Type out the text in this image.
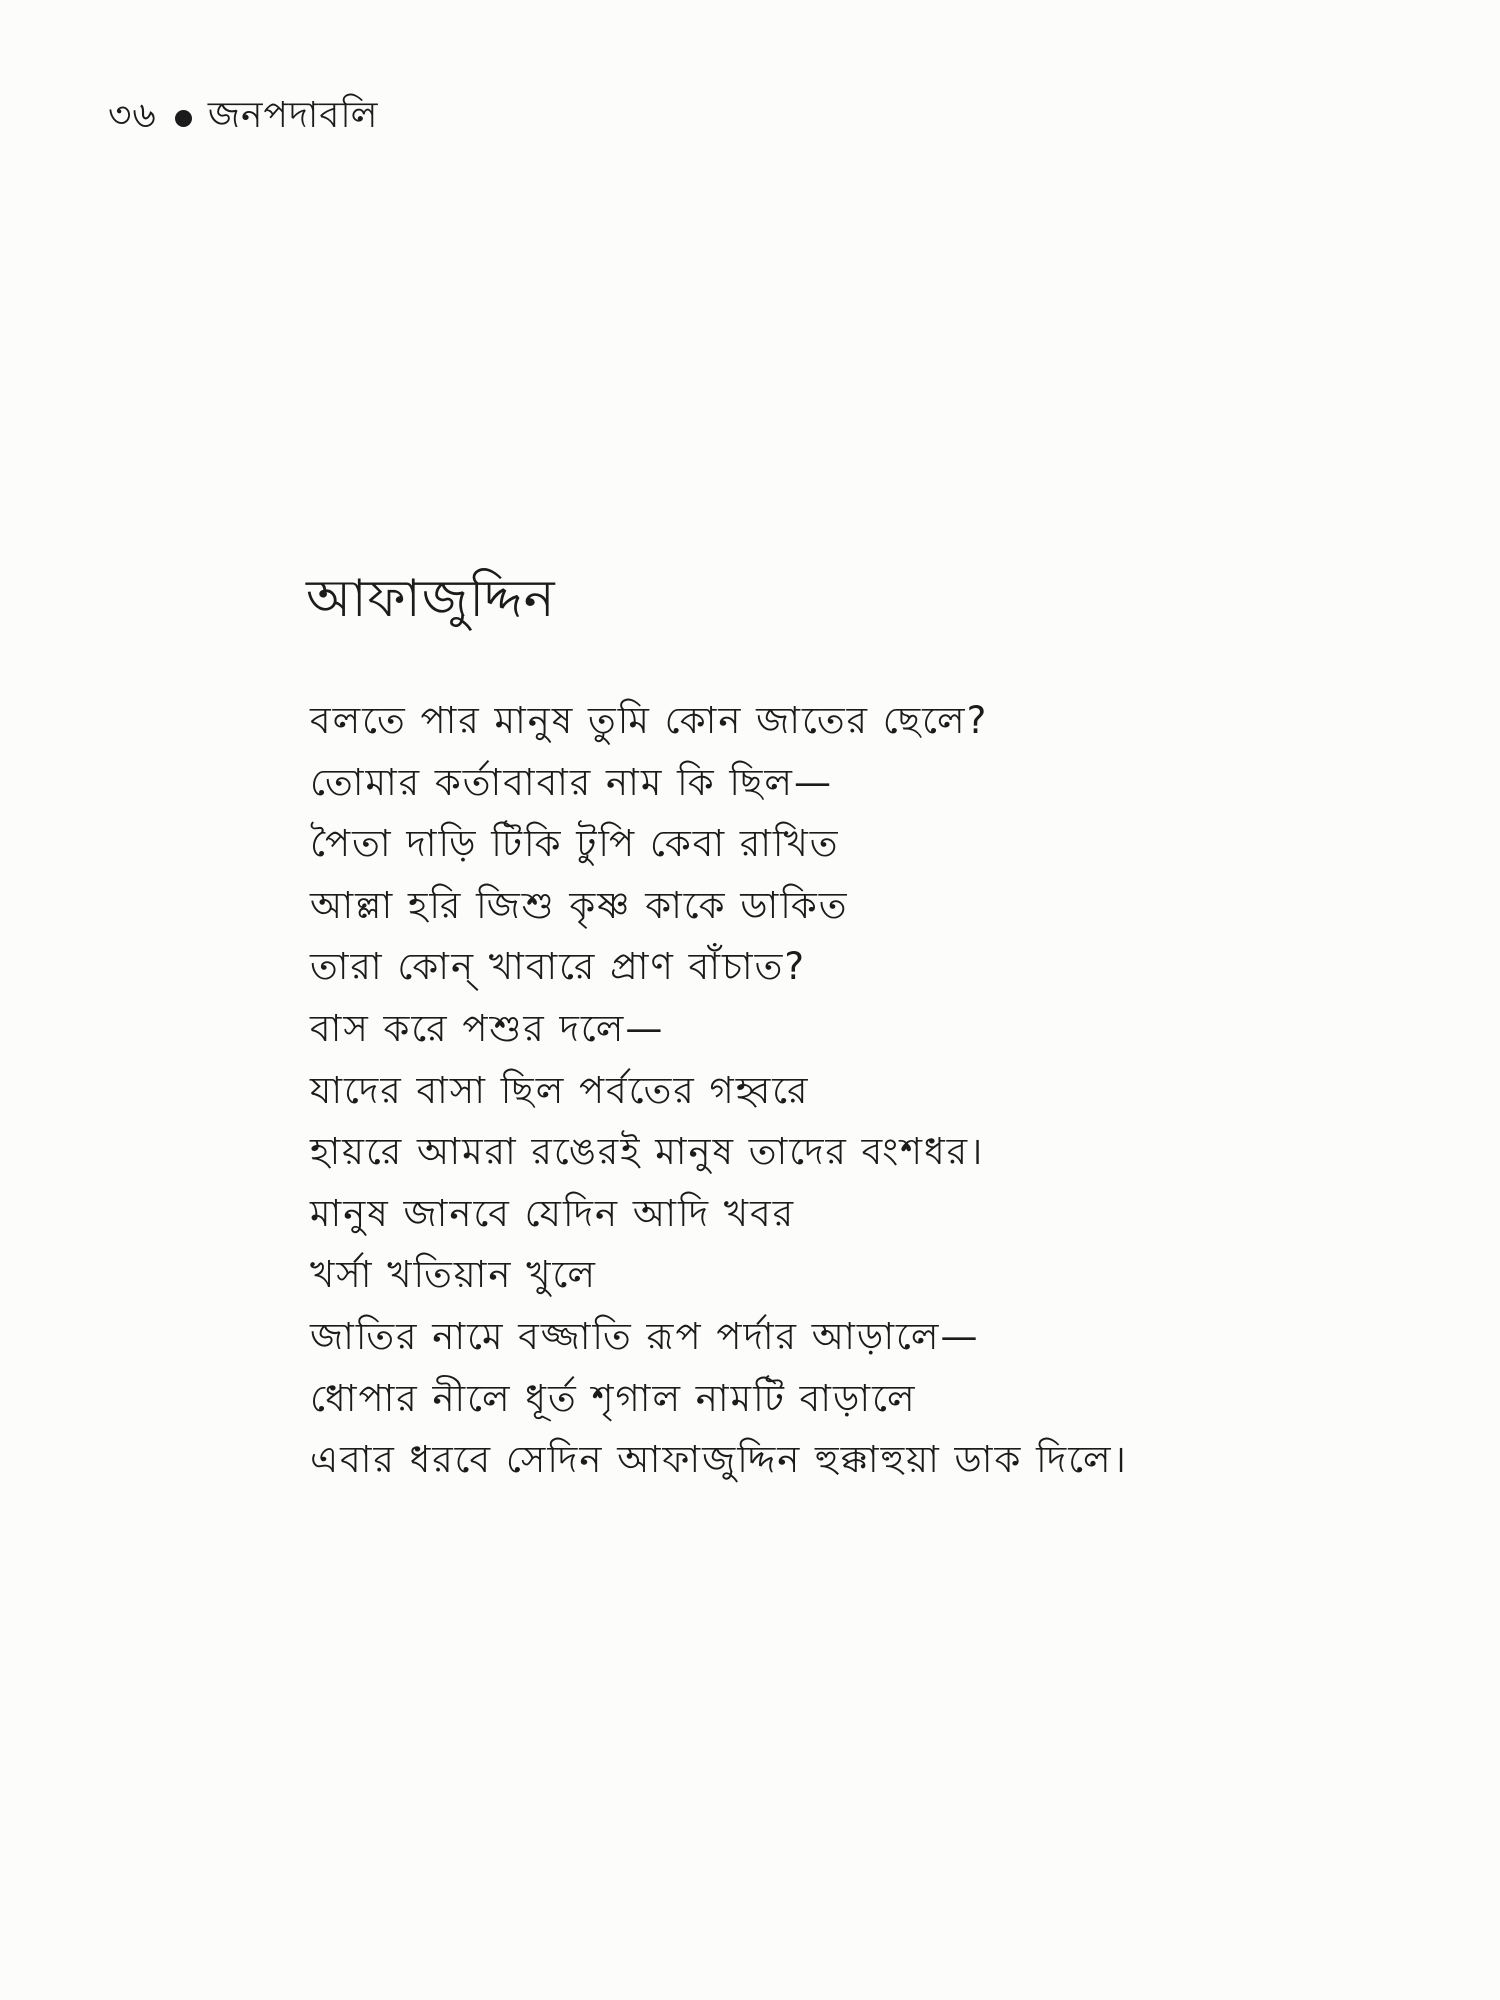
৩৬ জনপদাবলি
আফাজুদ্দিন
বলতে পার মানুষ তুমি কোন জাতের ছেলে?
তোমার কর্তাবাবার নাম কি ছিল—
পৈতা দাড়ি টিকি টুপি কেবা রাখিত
আল্লা হরি জিশু কৃষ্ণ কাকে ডাকিত
তারা কোন্ খাবারে প্রাণ বাঁচাত?
বাস করে পশুর দলে—
যাদের বাসা ছিল পর্বতের গহ্বরে
হায়রে আমরা রঙেরই মানুষ তাদের বংশধর।
মানুষ জানবে যেদিন আদি খবর
খর্সা খতিয়ান খুলে
জাতির নামে বজ্জাতি রূপ পর্দার আড়ালে—
ধোপার নীলে ধূর্ত শৃগাল নামটি বাড়ালে
এবার ধরবে সেদিন আফাজুদ্দিন হুক্কাহুয়া ডাক দিলে।
